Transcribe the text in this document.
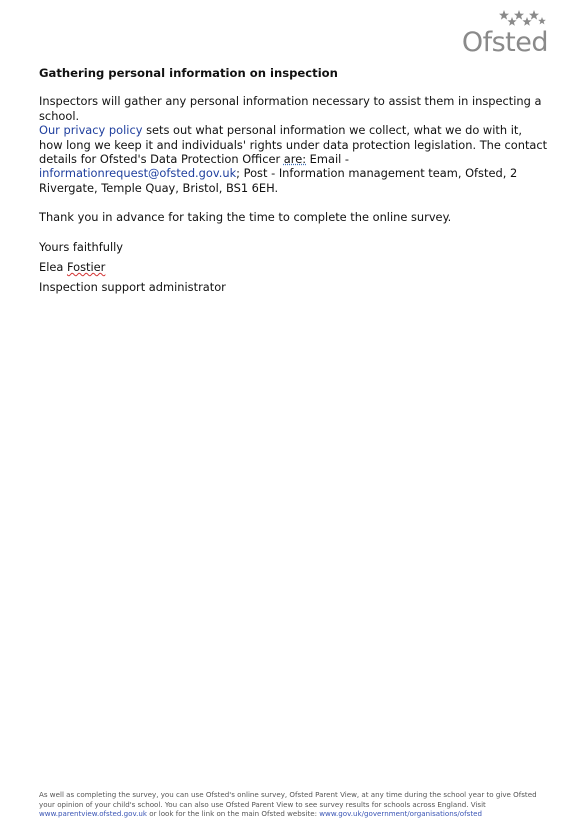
Ofsted

Gathering personal information on inspection

Inspectors will gather any personal information necessary to assist them in inspecting a school.
Our privacy policy sets out what personal information we collect, what we do with it, how long we keep it and individuals' rights under data protection legislation. The contact details for Ofsted's Data Protection Officer are: Email - informationrequest@ofsted.gov.uk; Post - Information management team, Ofsted, 2 Rivergate, Temple Quay, Bristol, BS1 6EH.

Thank you in advance for taking the time to complete the online survey.

Yours faithfully

Elea Fostier

Inspection support administrator

As well as completing the survey, you can use Ofsted's online survey, Ofsted Parent View, at any time during the school year to give Ofsted your opinion of your child's school. You can also use Ofsted Parent View to see survey results for schools across England. Visit www.parentview.ofsted.gov.uk or look for the link on the main Ofsted website: www.gov.uk/government/organisations/ofsted
